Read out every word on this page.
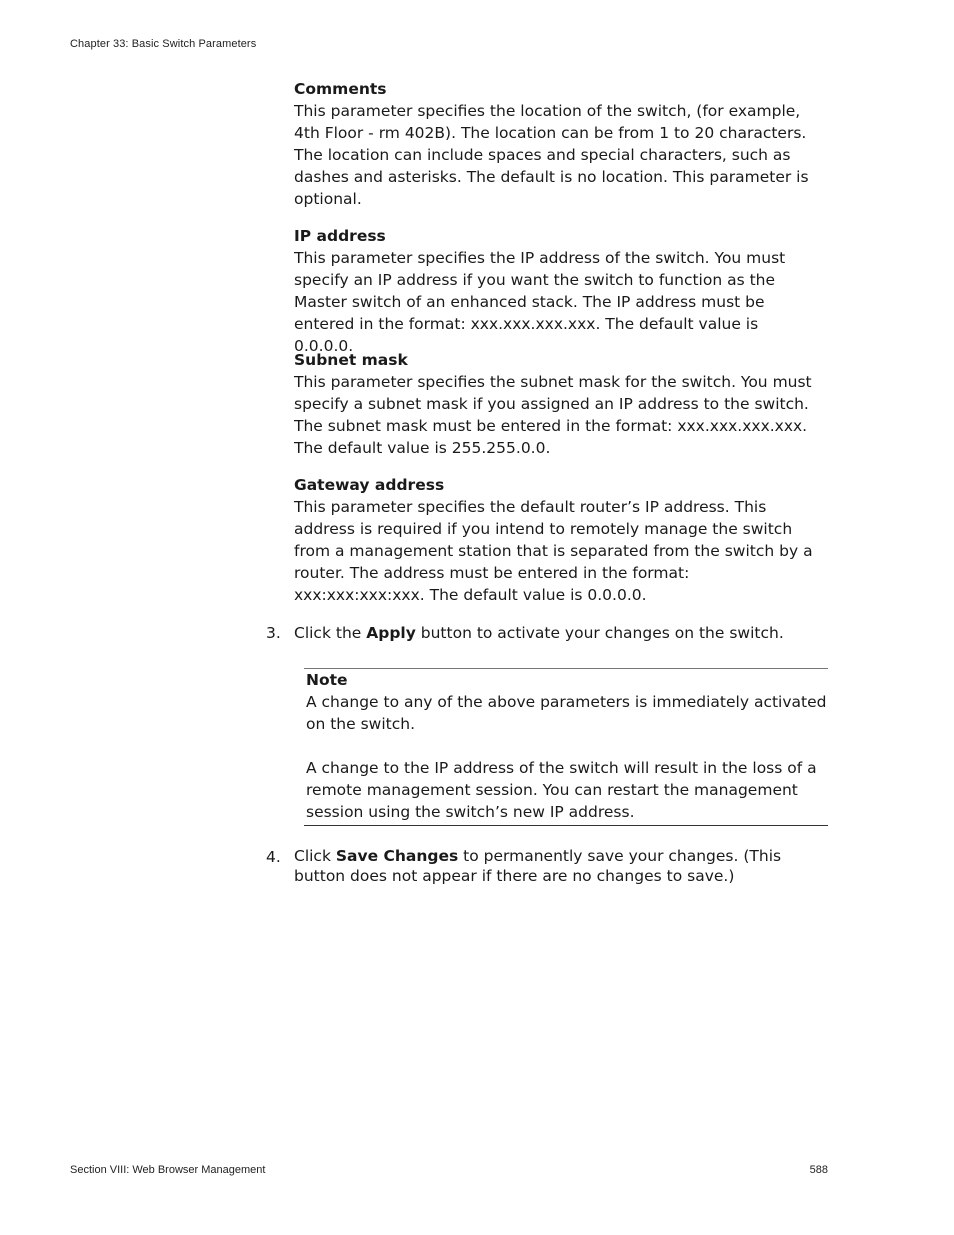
Chapter 33: Basic Switch Parameters
Comments
This parameter specifies the location of the switch, (for example, 4th Floor - rm 402B). The location can be from 1 to 20 characters. The location can include spaces and special characters, such as dashes and asterisks. The default is no location. This parameter is optional.
IP address
This parameter specifies the IP address of the switch. You must specify an IP address if you want the switch to function as the Master switch of an enhanced stack. The IP address must be entered in the format: xxx.xxx.xxx.xxx. The default value is 0.0.0.0.
Subnet mask
This parameter specifies the subnet mask for the switch. You must specify a subnet mask if you assigned an IP address to the switch. The subnet mask must be entered in the format: xxx.xxx.xxx.xxx. The default value is 255.255.0.0.
Gateway address
This parameter specifies the default router’s IP address. This address is required if you intend to remotely manage the switch from a management station that is separated from the switch by a router. The address must be entered in the format: xxx:xxx:xxx:xxx. The default value is 0.0.0.0.
3. Click the Apply button to activate your changes on the switch.
Note
A change to any of the above parameters is immediately activated on the switch.
A change to the IP address of the switch will result in the loss of a remote management session. You can restart the management session using the switch’s new IP address.
4. Click Save Changes to permanently save your changes. (This button does not appear if there are no changes to save.)
Section VIII: Web Browser Management	588
